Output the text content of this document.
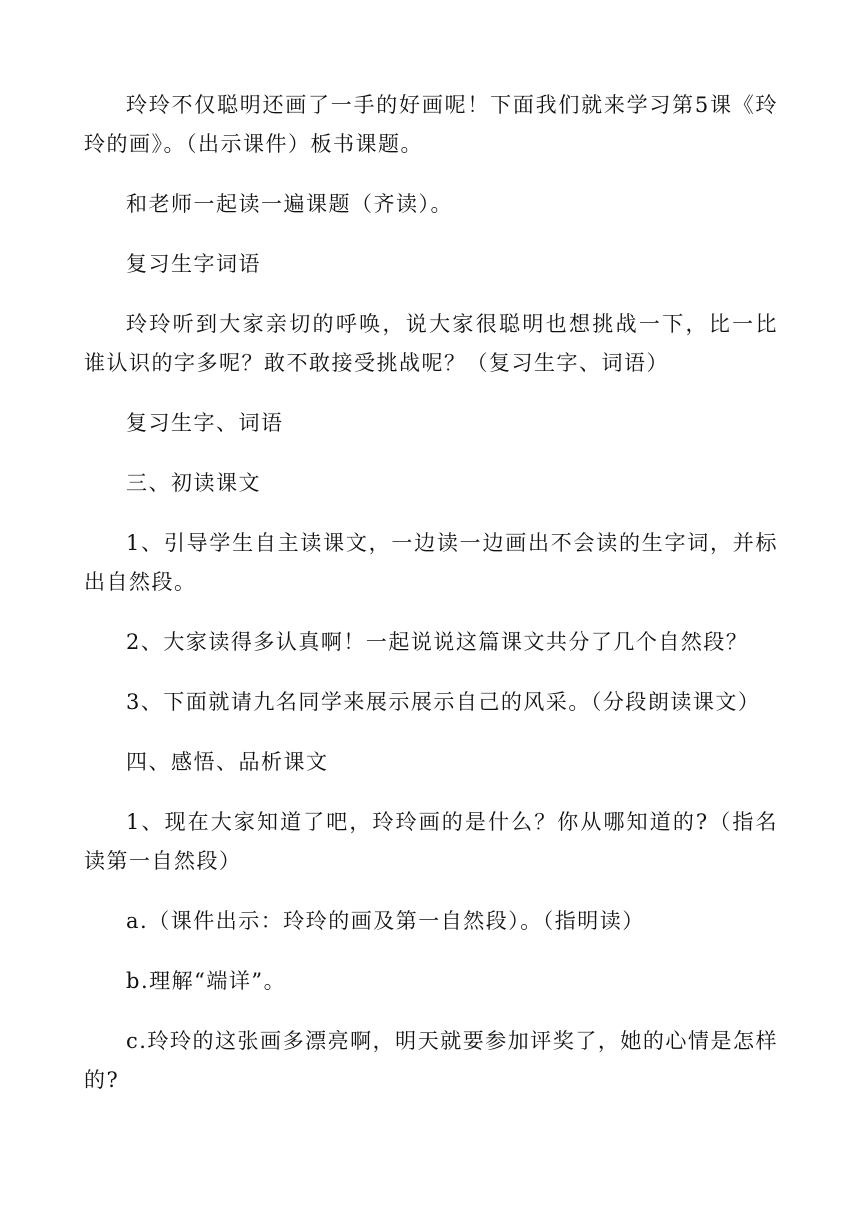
玲玲不仅聪明还画了一手的好画呢！下面我们就来学习第5课《玲玲的画》。（出示课件）板书课题。

和老师一起读一遍课题（齐读）。

复习生字词语

玲玲听到大家亲切的呼唤，说大家很聪明也想挑战一下，比一比谁认识的字多呢？敢不敢接受挑战呢？（复习生字、词语）

复习生字、词语

三、初读课文

1、引导学生自主读课文，一边读一边画出不会读的生字词，并标出自然段。

2、大家读得多认真啊！一起说说这篇课文共分了几个自然段？

3、下面就请九名同学来展示展示自己的风采。（分段朗读课文）

四、感悟、品析课文

1、现在大家知道了吧，玲玲画的是什么？你从哪知道的?（指名读第一自然段）

a.（课件出示：玲玲的画及第一自然段）。（指明读）

b.理解“端详”。

c.玲玲的这张画多漂亮啊，明天就要参加评奖了，她的心情是怎样的?
